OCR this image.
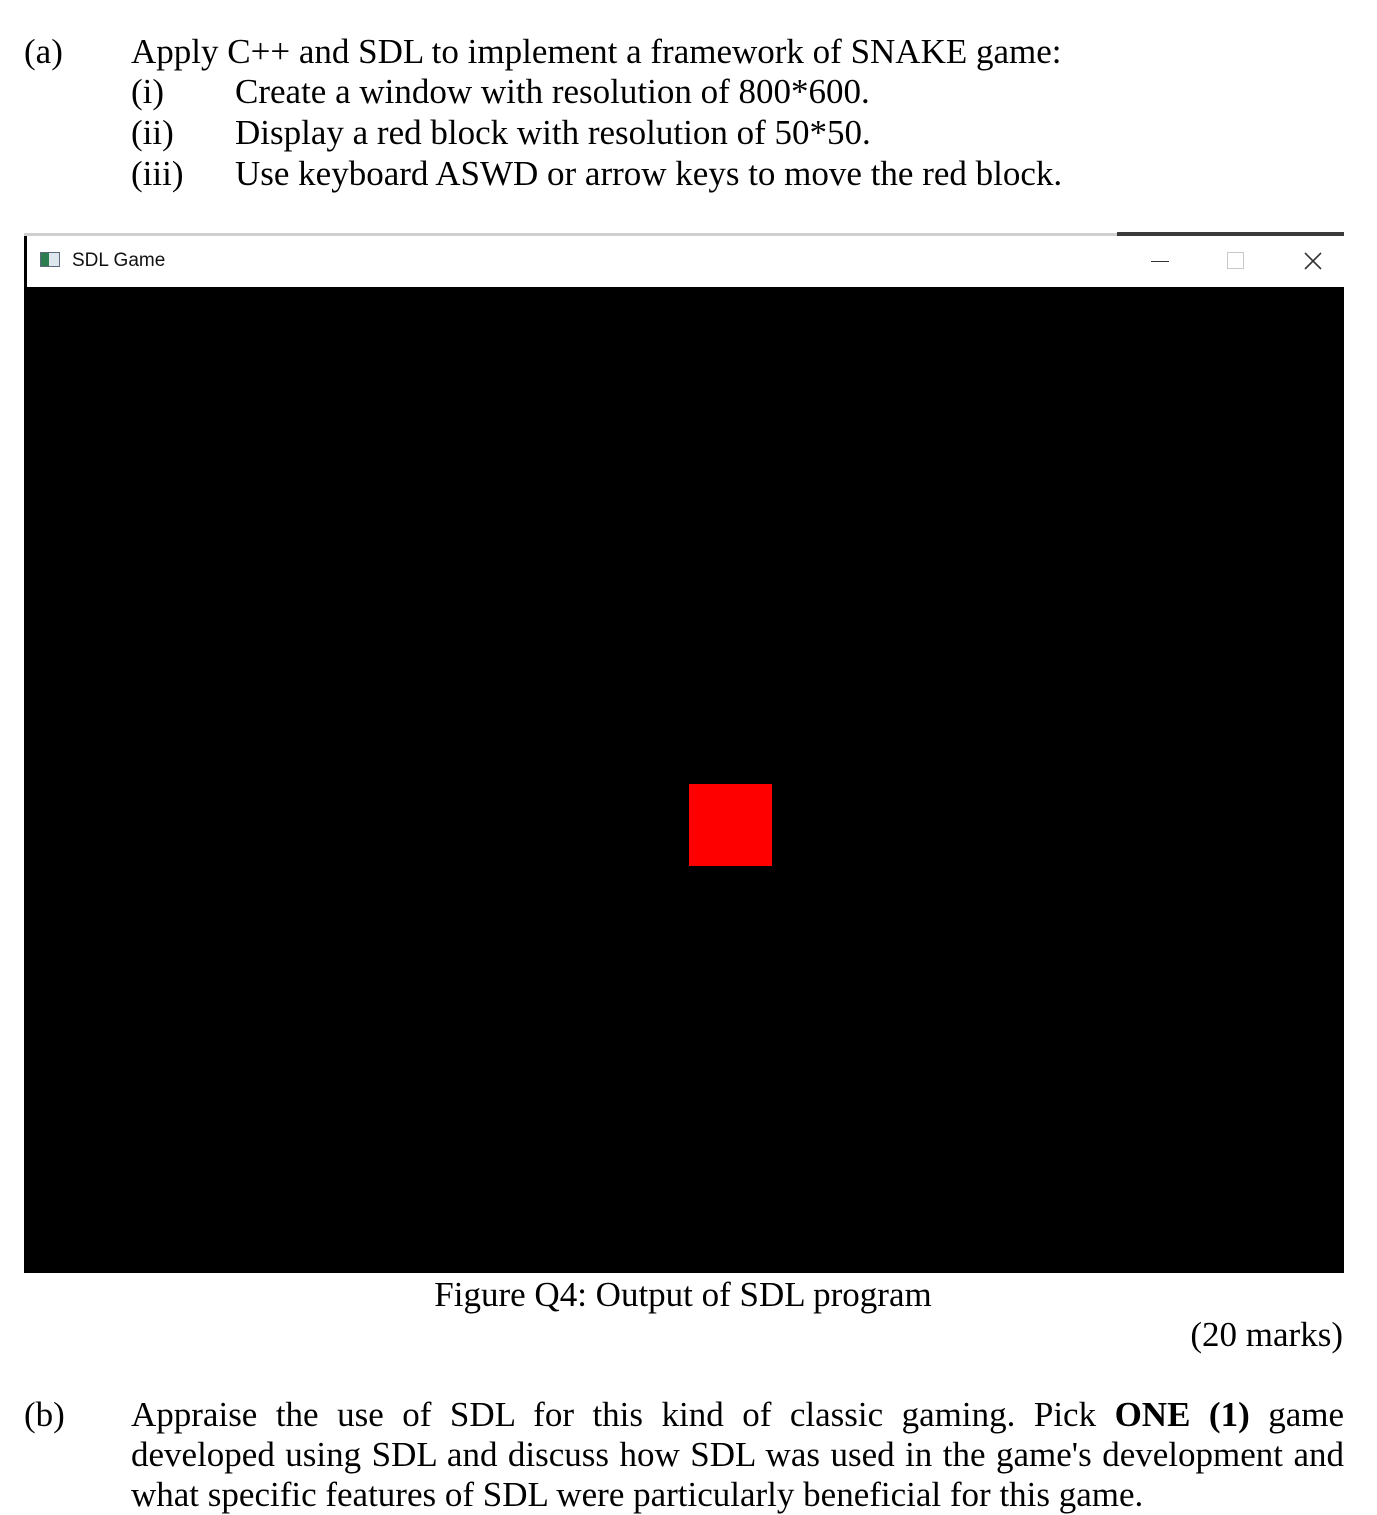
(a) Apply C++ and SDL to implement a framework of SNAKE game:
(i) Create a window with resolution of 800*600.
(ii) Display a red block with resolution of 50*50.
(iii) Use keyboard ASWD or arrow keys to move the red block.
SDL Game
Figure Q4: Output of SDL program
(20 marks)
(b) Appraise the use of SDL for this kind of classic gaming. Pick ONE (1) game developed using SDL and discuss how SDL was used in the game's development and what specific features of SDL were particularly beneficial for this game.
